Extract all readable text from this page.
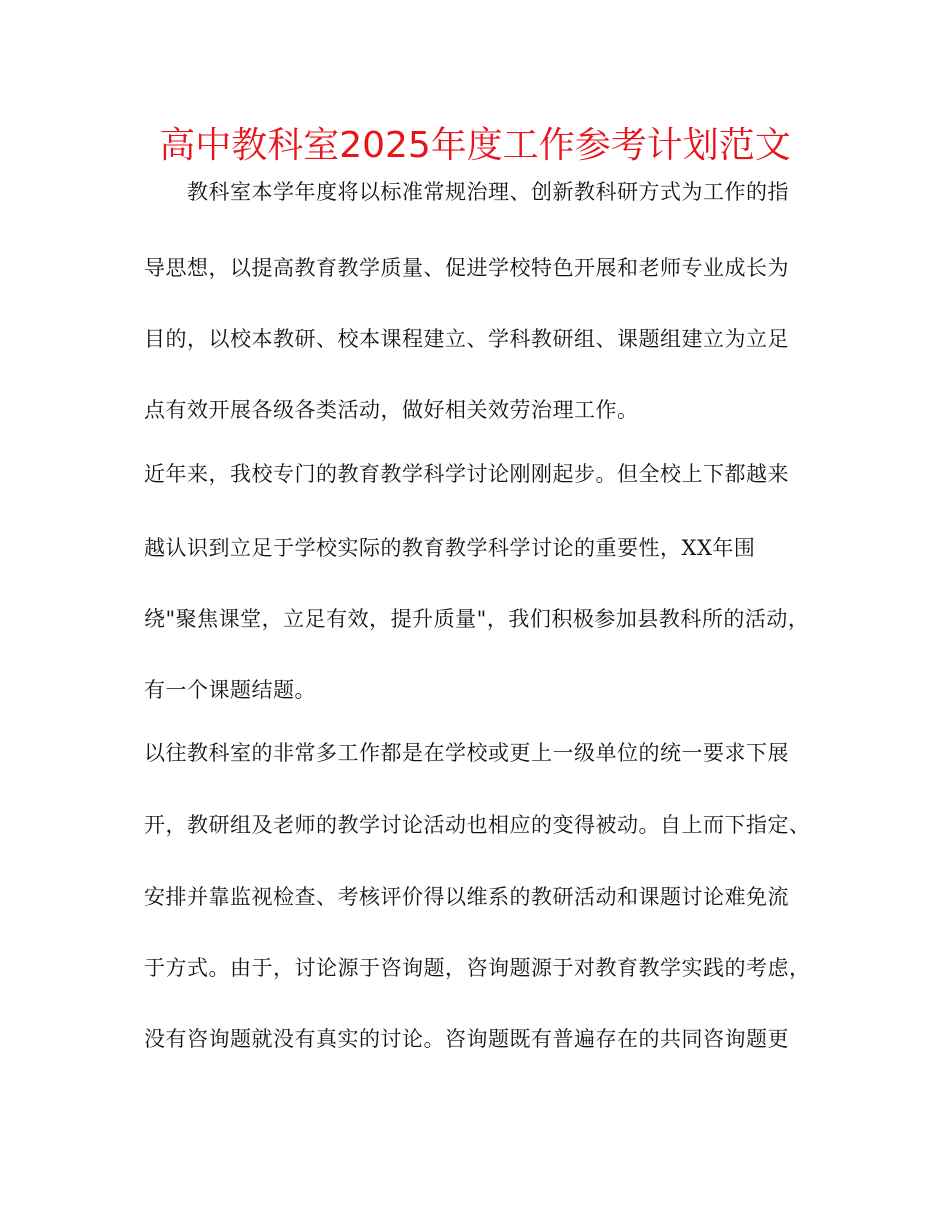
高中教科室2025年度工作参考计划范文
教科室本学年度将以标准常规治理、创新教科研方式为工作的指
导思想，以提高教育教学质量、促进学校特色开展和老师专业成长为
目的，以校本教研、校本课程建立、学科教研组、课题组建立为立足
点有效开展各级各类活动，做好相关效劳治理工作。
近年来，我校专门的教育教学科学讨论刚刚起步。但全校上下都越来
越认识到立足于学校实际的教育教学科学讨论的重要性，XX年围
绕"聚焦课堂，立足有效，提升质量"，我们积极参加县教科所的活动，
有一个课题结题。
以往教科室的非常多工作都是在学校或更上一级单位的统一要求下展
开，教研组及老师的教学讨论活动也相应的变得被动。自上而下指定、
安排并靠监视检查、考核评价得以维系的教研活动和课题讨论难免流
于方式。由于，讨论源于咨询题，咨询题源于对教育教学实践的考虑，
没有咨询题就没有真实的讨论。咨询题既有普遍存在的共同咨询题更
